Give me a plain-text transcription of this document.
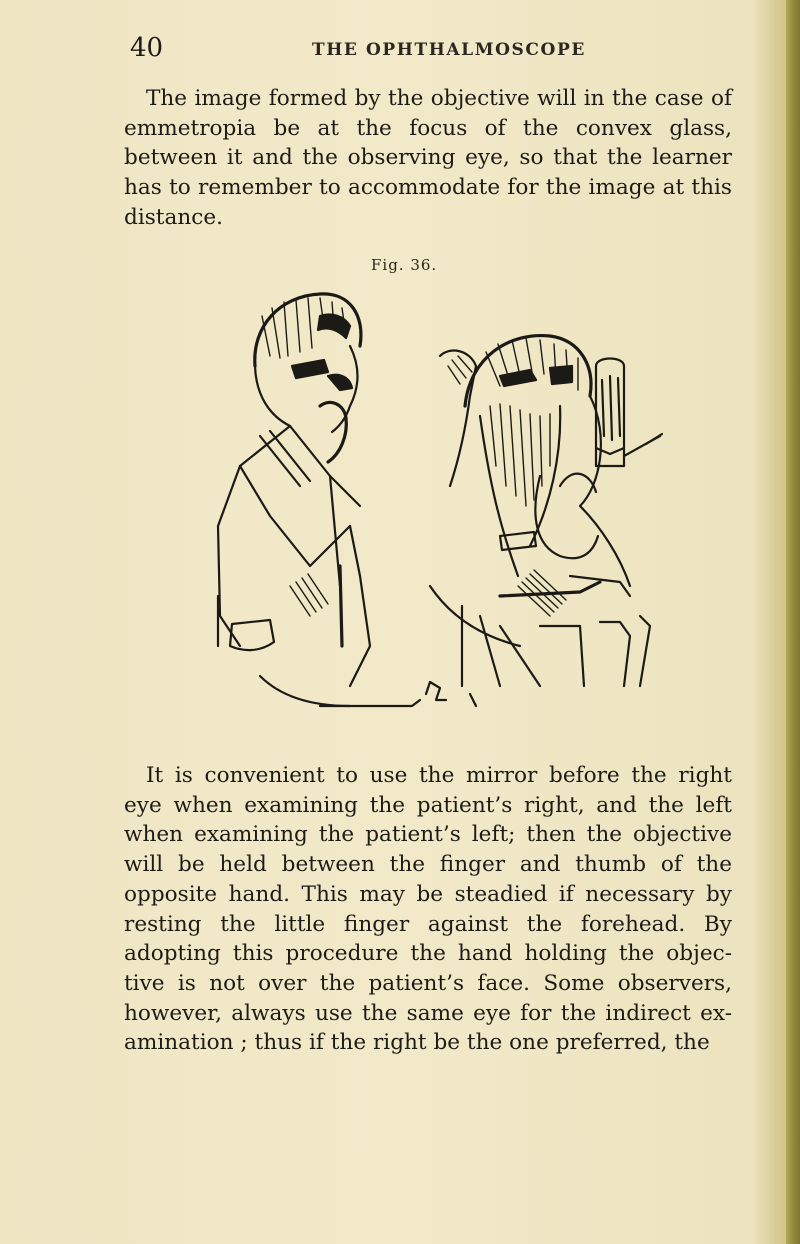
40	THE OPHTHALMOSCOPE
The image formed by the objective will in the case of emmetropia be at the focus of the convex glass, between it and the observing eye, so that the learner has to remember to accommodate for the image at this distance.
Fig. 36.
It is convenient to use the mirror before the right eye when examining the patient’s right, and the left when examining the patient’s left; then the objective will be held between the finger and thumb of the opposite hand. This may be steadied if necessary by resting the little finger against the forehead. By adopting this procedure the hand holding the objec-tive is not over the patient’s face. Some observers, however, always use the same eye for the indirect ex-amination ; thus if the right be the one preferred, the
